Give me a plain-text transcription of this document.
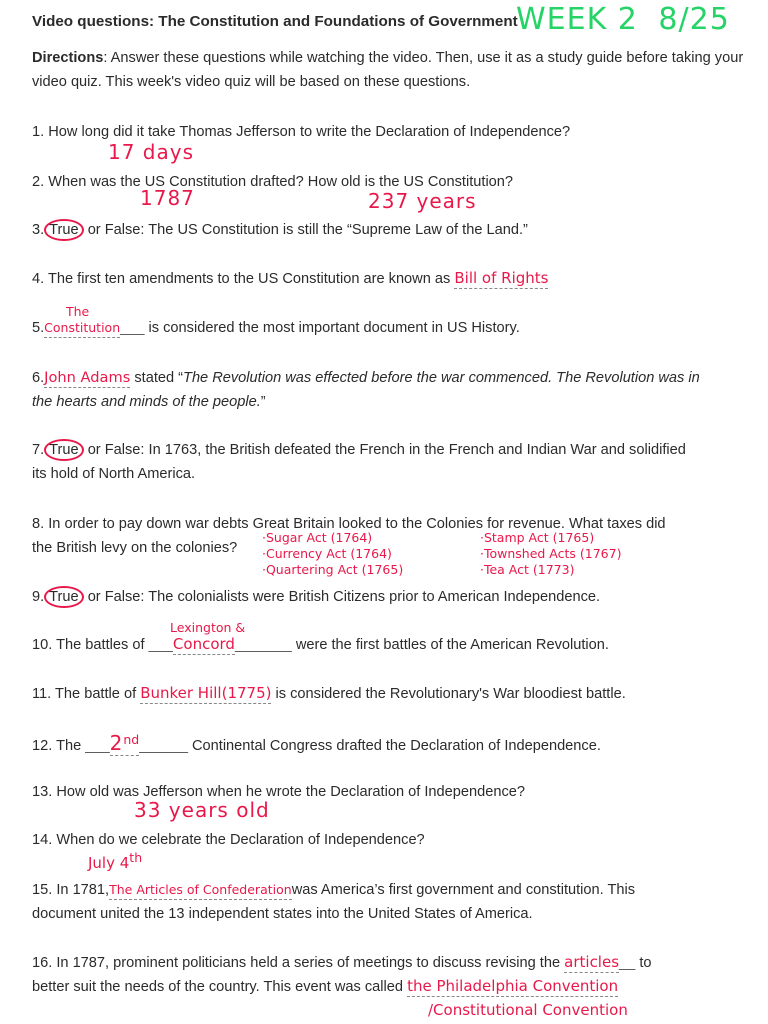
Video questions: The Constitution and Foundations of Government
WEEK 2 8/25
Directions: Answer these questions while watching the video. Then, use it as a study guide before taking your video quiz. This week's video quiz will be based on these questions.
1. How long did it take Thomas Jefferson to write the Declaration of Independence?
17 days
2. When was the US Constitution drafted? How old is the US Constitution?
1787	237 years
3. True or False: The US Constitution is still the “Supreme Law of the Land.”
4. The first ten amendments to the US Constitution are known as Bill of Rights
The
5.Constitution___ is considered the most important document in US History.
6.John Adams stated “The Revolution was effected before the war commenced. The Revolution was in
the hearts and minds of the people.”
7. True or False: In 1763, the British defeated the French in the French and Indian War and solidified
its hold of North America.
8. In order to pay down war debts Great Britain looked to the Colonies for revenue. What taxes did
the British levy on the colonies?
·Sugar Act (1764)
·Currency Act (1764)
·Quartering Act (1765)
·Stamp Act (1765)
·Townshed Acts (1767)
·Tea Act (1773)
9. True or False: The colonialists were British Citizens prior to American Independence.
Lexington &
10. The battles of ___Concord_______ were the first battles of the American Revolution.
11. The battle of Bunker Hill(1775) is considered the Revolutionary's War bloodiest battle.
12. The ___2nd______ Continental Congress drafted the Declaration of Independence.
13. How old was Jefferson when he wrote the Declaration of Independence?
33 years old
14. When do we celebrate the Declaration of Independence?
July 4th
15. In 1781,The Articles of Confederationwas America’s first government and constitution. This
document united the 13 independent states into the United States of America.
16. In 1787, prominent politicians held a series of meetings to discuss revising the articles__ to
better suit the needs of the country. This event was called the Philadelphia Convention
/Constitutional Convention
